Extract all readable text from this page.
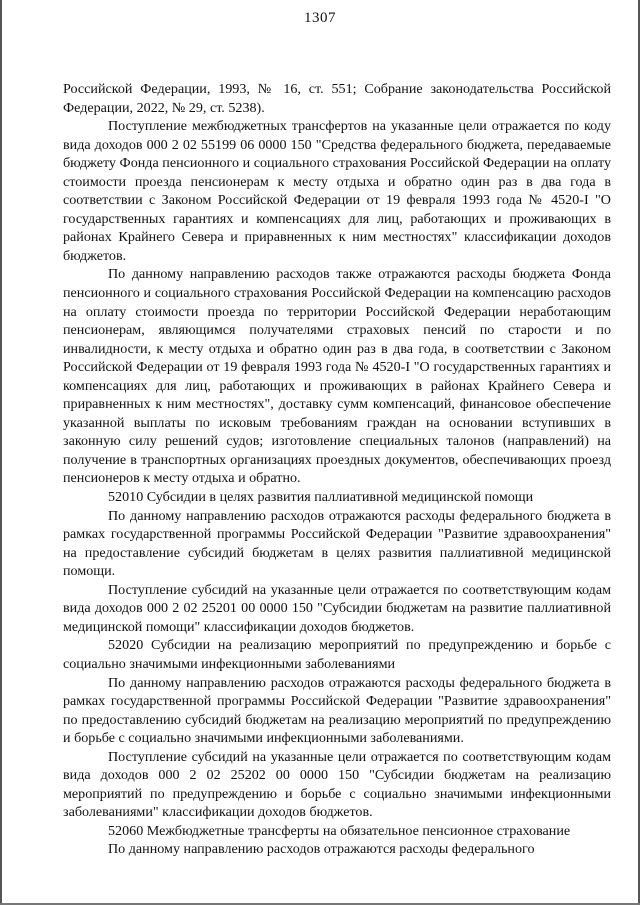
1307

Российской Федерации, 1993, № 16, ст. 551; Собрание законодательства Российской Федерации, 2022, № 29, ст. 5238).

Поступление межбюджетных трансфертов на указанные цели отражается по коду вида доходов 000 2 02 55199 06 0000 150 "Средства федерального бюджета, передаваемые бюджету Фонда пенсионного и социального страхования Российской Федерации на оплату стоимости проезда пенсионерам к месту отдыха и обратно один раз в два года в соответствии с Законом Российской Федерации от 19 февраля 1993 года № 4520-I "О государственных гарантиях и компенсациях для лиц, работающих и проживающих в районах Крайнего Севера и приравненных к ним местностях" классификации доходов бюджетов.

По данному направлению расходов также отражаются расходы бюджета Фонда пенсионного и социального страхования Российской Федерации на компенсацию расходов на оплату стоимости проезда по территории Российской Федерации неработающим пенсионерам, являющимся получателями страховых пенсий по старости и по инвалидности, к месту отдыха и обратно один раз в два года, в соответствии с Законом Российской Федерации от 19 февраля 1993 года № 4520-I "О государственных гарантиях и компенсациях для лиц, работающих и проживающих в районах Крайнего Севера и приравненных к ним местностях", доставку сумм компенсаций, финансовое обеспечение указанной выплаты по исковым требованиям граждан на основании вступивших в законную силу решений судов; изготовление специальных талонов (направлений) на получение в транспортных организациях проездных документов, обеспечивающих проезд пенсионеров к месту отдыха и обратно.

52010 Субсидии в целях развития паллиативной медицинской помощи

По данному направлению расходов отражаются расходы федерального бюджета в рамках государственной программы Российской Федерации "Развитие здравоохранения" на предоставление субсидий бюджетам в целях развития паллиативной медицинской помощи.

Поступление субсидий на указанные цели отражается по соответствующим кодам вида доходов 000 2 02 25201 00 0000 150 "Субсидии бюджетам на развитие паллиативной медицинской помощи" классификации доходов бюджетов.

52020 Субсидии на реализацию мероприятий по предупреждению и борьбе с социально значимыми инфекционными заболеваниями

По данному направлению расходов отражаются расходы федерального бюджета в рамках государственной программы Российской Федерации "Развитие здравоохранения" по предоставлению субсидий бюджетам на реализацию мероприятий по предупреждению и борьбе с социально значимыми инфекционными заболеваниями.

Поступление субсидий на указанные цели отражается по соответствующим кодам вида доходов 000 2 02 25202 00 0000 150 "Субсидии бюджетам на реализацию мероприятий по предупреждению и борьбе с социально значимыми инфекционными заболеваниями" классификации доходов бюджетов.

52060 Межбюджетные трансферты на обязательное пенсионное страхование

По данному направлению расходов отражаются расходы федерального
